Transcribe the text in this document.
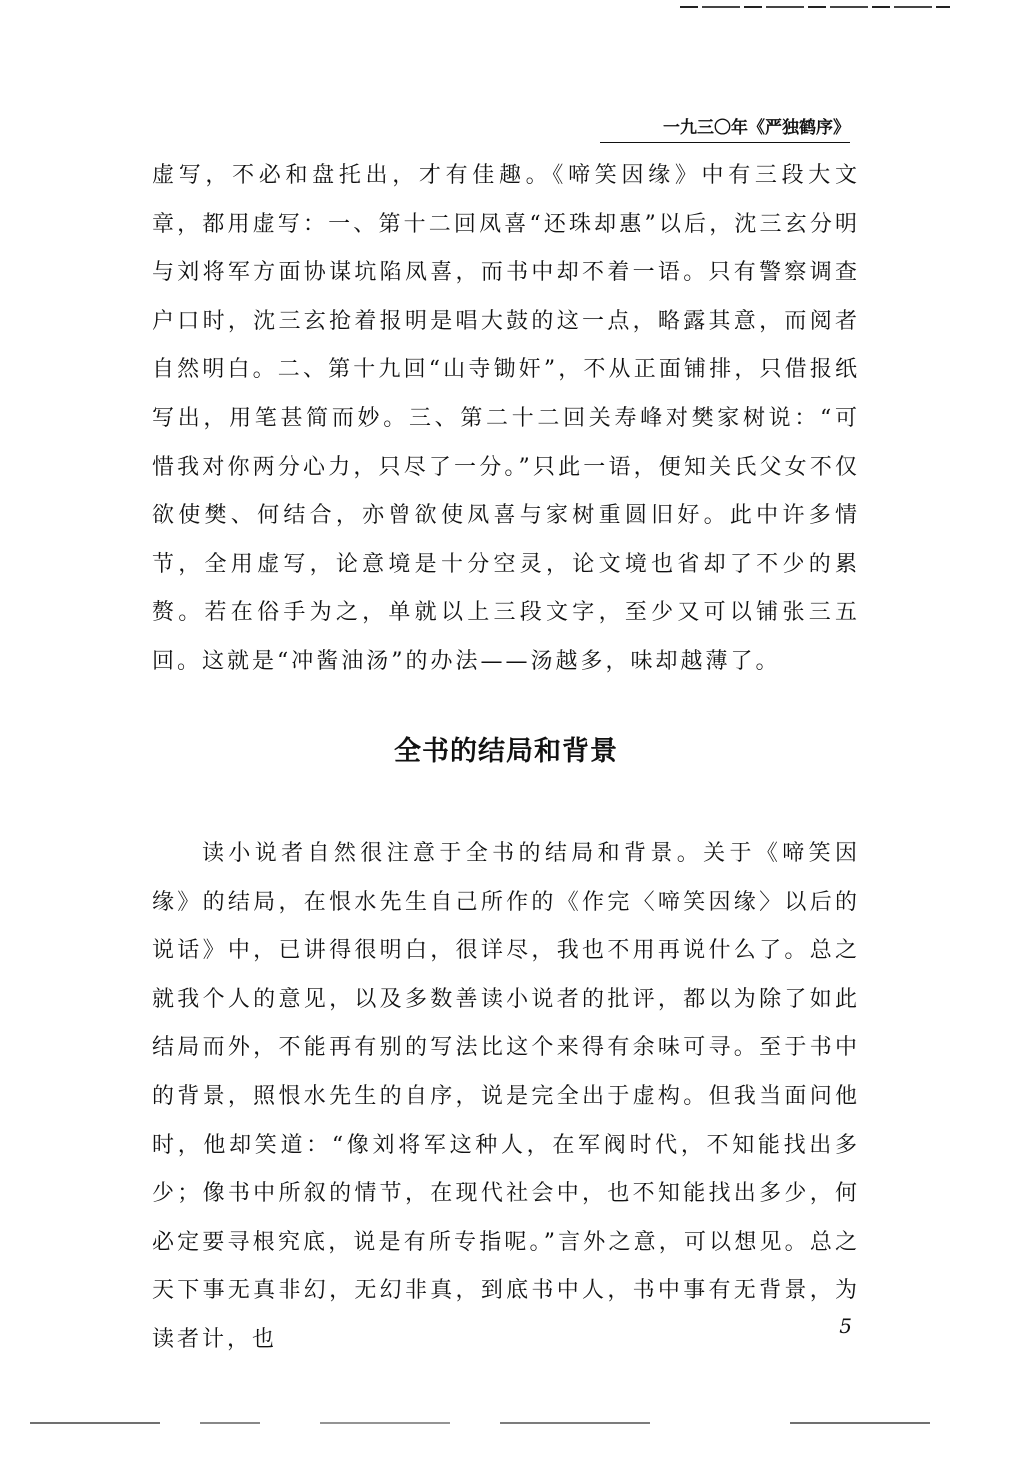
一九三〇年《严独鹤序》
虚写，不必和盘托出，才有佳趣。《啼笑因缘》中有三段大文章，都用虚写：一、第十二回凤喜“还珠却惠”以后，沈三玄分明与刘将军方面协谋坑陷凤喜，而书中却不着一语。只有警察调查户口时，沈三玄抢着报明是唱大鼓的这一点，略露其意，而阅者自然明白。二、第十九回“山寺锄奸”，不从正面铺排，只借报纸写出，用笔甚简而妙。三、第二十二回关寿峰对樊家树说：“可惜我对你两分心力，只尽了一分。”只此一语，便知关氏父女不仅欲使樊、何结合，亦曾欲使凤喜与家树重圆旧好。此中许多情节，全用虚写，论意境是十分空灵，论文境也省却了不少的累赘。若在俗手为之，单就以上三段文字，至少又可以铺张三五回。这就是“冲酱油汤”的办法——汤越多，味却越薄了。
全书的结局和背景
读小说者自然很注意于全书的结局和背景。关于《啼笑因缘》的结局，在恨水先生自己所作的《作完〈啼笑因缘〉以后的说话》中，已讲得很明白，很详尽，我也不用再说什么了。总之就我个人的意见，以及多数善读小说者的批评，都以为除了如此结局而外，不能再有别的写法比这个来得有余味可寻。至于书中的背景，照恨水先生的自序，说是完全出于虚构。但我当面问他时，他却笑道：“像刘将军这种人，在军阀时代，不知能找出多少；像书中所叙的情节，在现代社会中，也不知能找出多少，何必定要寻根究底，说是有所专指呢。”言外之意，可以想见。总之天下事无真非幻，无幻非真，到底书中人，书中事有无背景，为读者计，也
5
